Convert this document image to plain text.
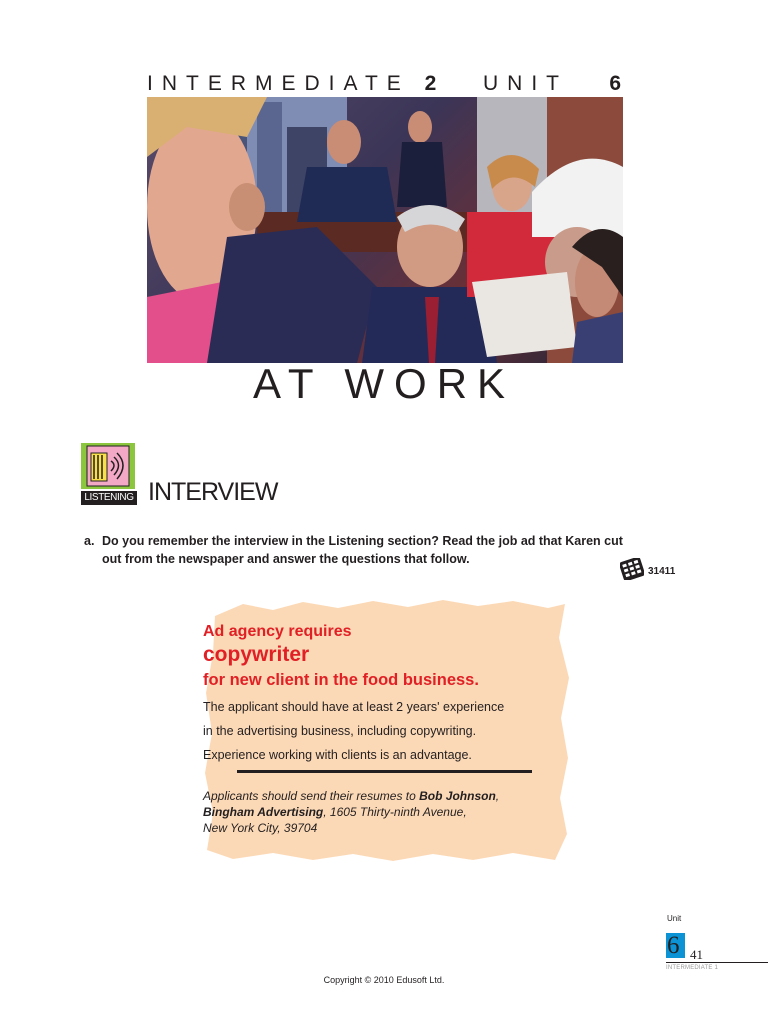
INTERMEDIATE 2 UNIT 6
AT WORK
LISTENING INTERVIEW
a. Do you remember the interview in the Listening section? Read the job ad that Karen cut out from the newspaper and answer the questions that follow.
31411
Ad agency requires
copywriter
for new client in the food business.
The applicant should have at least 2 years' experience
in the advertising business, including copywriting.
Experience working with clients is an advantage.
Applicants should send their resumes to Bob Johnson,
Bingham Advertising, 1605 Thirty-ninth Avenue,
New York City, 39704
Unit
6 41
INTERMEDIATE 1
Copyright © 2010 Edusoft Ltd.
